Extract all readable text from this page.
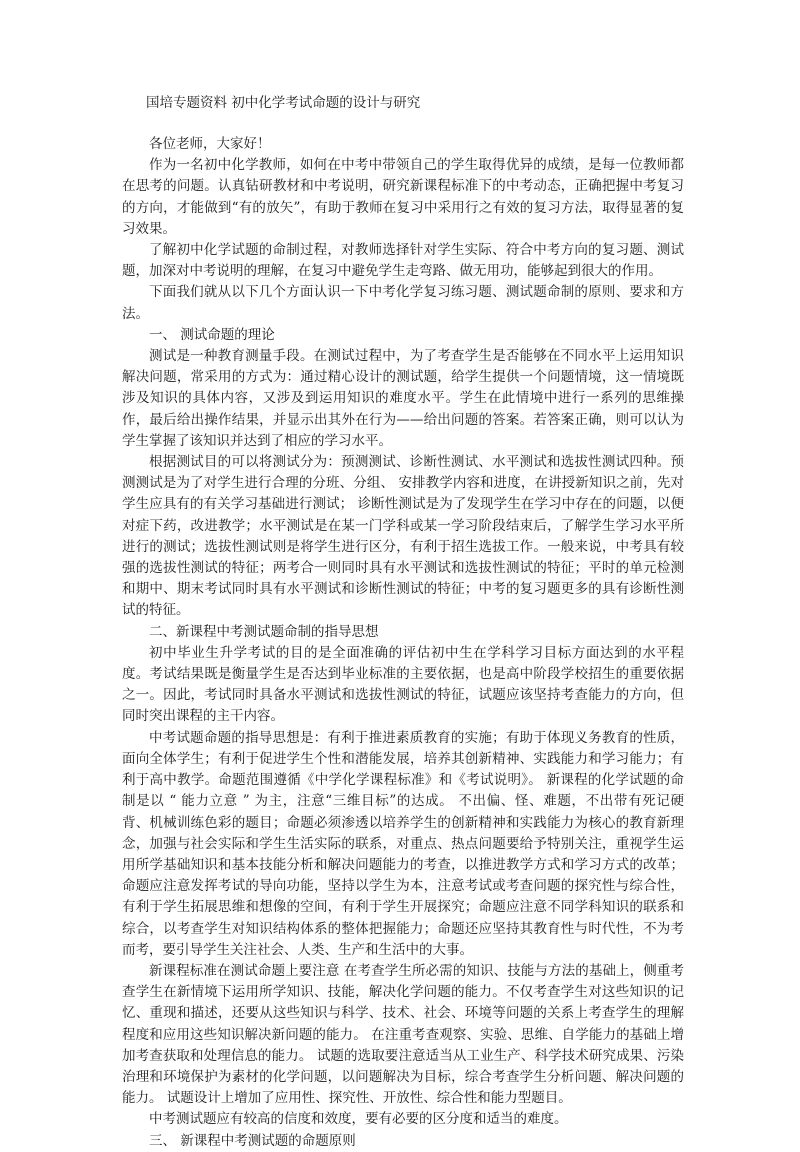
国培专题资料 初中化学考试命题的设计与研究

各位老师，大家好！

作为一名初中化学教师，如何在中考中带领自己的学生取得优异的成绩，是每一位教师都在思考的问题。认真钻研教材和中考说明，研究新课程标准下的中考动态，正确把握中考复习的方向，才能做到“有的放矢”，有助于教师在复习中采用行之有效的复习方法，取得显著的复习效果。

了解初中化学试题的命制过程，对教师选择针对学生实际、符合中考方向的复习题、测试题，加深对中考说明的理解，在复习中避免学生走弯路、做无用功，能够起到很大的作用。

下面我们就从以下几个方面认识一下中考化学复习练习题、测试题命制的原则、要求和方法。

一、 测试命题的理论

测试是一种教育测量手段。在测试过程中，为了考查学生是否能够在不同水平上运用知识解决问题，常采用的方式为：通过精心设计的测试题，给学生提供一个问题情境，这一情境既涉及知识的具体内容，又涉及到运用知识的难度水平。学生在此情境中进行一系列的思维操作，最后给出操作结果，并显示出其外在行为——给出问题的答案。若答案正确，则可以认为学生掌握了该知识并达到了相应的学习水平。

根据测试目的可以将测试分为：预测测试、诊断性测试、水平测试和选拔性测试四种。预测测试是为了对学生进行合理的分班、分组、 安排教学内容和进度，在讲授新知识之前，先对学生应具有的有关学习基础进行测试； 诊断性测试是为了发现学生在学习中存在的问题，以便对症下药，改进教学；水平测试是在某一门学科或某一学习阶段结束后，了解学生学习水平所进行的测试；选拔性测试则是将学生进行区分，有利于招生选拔工作。一般来说，中考具有较强的选拔性测试的特征；两考合一则同时具有水平测试和选拔性测试的特征；平时的单元检测和期中、期末考试同时具有水平测试和诊断性测试的特征；中考的复习题更多的具有诊断性测试的特征。

二、新课程中考测试题命制的指导思想

初中毕业生升学考试的目的是全面准确的评估初中生在学科学习目标方面达到的水平程度。考试结果既是衡量学生是否达到毕业标准的主要依据，也是高中阶段学校招生的重要依据之一。因此，考试同时具备水平测试和选拔性测试的特征，试题应该坚持考查能力的方向，但同时突出课程的主干内容。

中考试题命题的指导思想是：有利于推进素质教育的实施；有助于体现义务教育的性质，面向全体学生；有利于促进学生个性和潜能发展，培养其创新精神、实践能力和学习能力；有利于高中教学。命题范围遵循《中学化学课程标准》和《考试说明》。 新课程的化学试题的命制是以 “ 能力立意 ” 为主，注意“三维目标”的达成。 不出偏、怪、难题，不出带有死记硬背、机械训练色彩的题目；命题必须渗透以培养学生的创新精神和实践能力为核心的教育新理念，加强与社会实际和学生生活实际的联系，对重点、热点问题要给予特别关注，重视学生运用所学基础知识和基本技能分析和解决问题能力的考查，以推进教学方式和学习方式的改革；命题应注意发挥考试的导向功能，坚持以学生为本，注意考试或考查问题的探究性与综合性，有利于学生拓展思维和想像的空间，有利于学生开展探究；命题应注意不同学科知识的联系和综合，以考查学生对知识结构体系的整体把握能力；命题还应坚持其教育性与时代性，不为考而考，要引导学生关注社会、人类、生产和生活中的大事。

新课程标准在测试命题上要注意 在考查学生所必需的知识、技能与方法的基础上，侧重考查学生在新情境下运用所学知识、技能，解决化学问题的能力。不仅考查学生对这些知识的记忆、重现和描述，还要从这些知识与科学、技术、社会、环境等问题的关系上考查学生的理解程度和应用这些知识解决新问题的能力。 在注重考查观察、实验、思维、自学能力的基础上增加考查获取和处理信息的能力。 试题的选取要注意适当从工业生产、科学技术研究成果、污染治理和环境保护为素材的化学问题，以问题解决为目标，综合考查学生分析问题、解决问题的能力。 试题设计上增加了应用性、探究性、开放性、综合性和能力型题目。

中考测试题应有较高的信度和效度，要有必要的区分度和适当的难度。

三、 新课程中考测试题的命题原则
